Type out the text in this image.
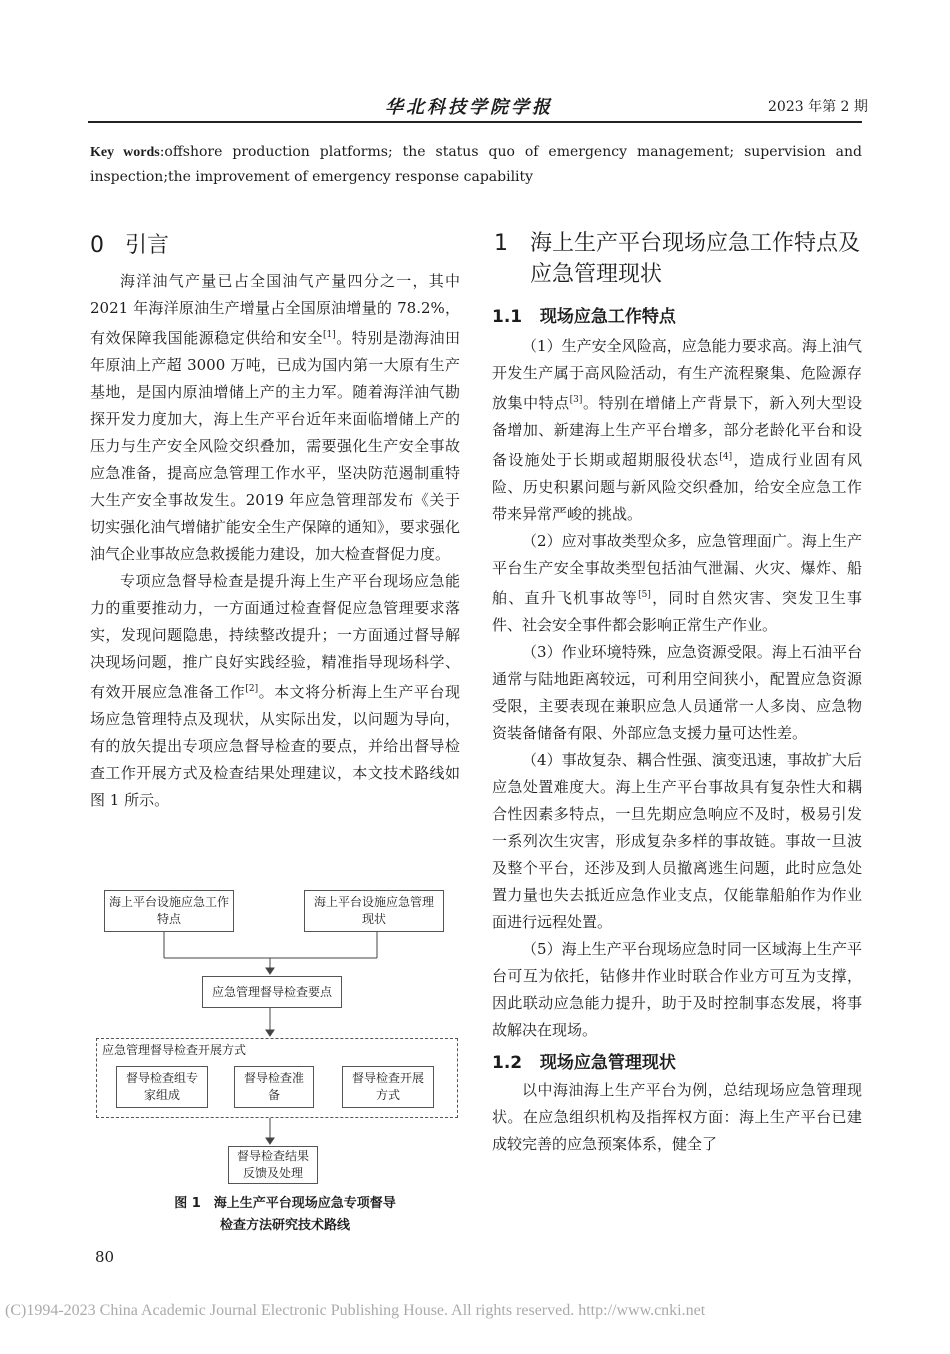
华北科技学院学报	2023 年第 2 期
Key words:offshore production platforms; the status quo of emergency management; supervision and inspection;the improvement of emergency response capability
0 引言

海洋油气产量已占全国油气产量四分之一，其中 2021 年海洋原油生产增量占全国原油增量的 78.2%，有效保障我国能源稳定供给和安全[1]。特别是渤海油田年原油上产超 3000 万吨，已成为国内第一大原有生产基地，是国内原油增储上产的主力军。随着海洋油气勘探开发力度加大，海上生产平台近年来面临增储上产的压力与生产安全风险交织叠加，需要强化生产安全事故应急准备，提高应急管理工作水平，坚决防范遏制重特大生产安全事故发生。2019 年应急管理部发布《关于切实强化油气增储扩能安全生产保障的通知》，要求强化油气企业事故应急救援能力建设，加大检查督促力度。

专项应急督导检查是提升海上生产平台现场应急能力的重要推动力，一方面通过检查督促应急管理要求落实，发现问题隐患，持续整改提升；一方面通过督导解决现场问题，推广良好实践经验，精准指导现场科学、有效开展应急准备工作[2]。本文将分析海上生产平台现场应急管理特点及现状，从实际出发，以问题为导向，有的放矢提出专项应急督导检查的要点，并给出督导检查工作开展方式及检查结果处理建议，本文技术路线如图 1 所示。

海上平台设施应急工作特点
海上平台设施应急管理现状
应急管理督导检查要点
应急管理督导检查开展方式
督导检查组专家组成
督导检查准备
督导检查开展方式
督导检查结果反馈及处理
图 1　海上生产平台现场应急专项督导
检查方法研究技术路线
1 海上生产平台现场应急工作特点及应急管理现状
1.1 现场应急工作特点

（1）生产安全风险高，应急能力要求高。海上油气开发生产属于高风险活动，有生产流程聚集、危险源存放集中特点[3]。特别在增储上产背景下，新入列大型设备增加、新建海上生产平台增多，部分老龄化平台和设备设施处于长期或超期服役状态[4]，造成行业固有风险、历史积累问题与新风险交织叠加，给安全应急工作带来异常严峻的挑战。

（2）应对事故类型众多，应急管理面广。海上生产平台生产安全事故类型包括油气泄漏、火灾、爆炸、船舶、直升飞机事故等[5]，同时自然灾害、突发卫生事件、社会安全事件都会影响正常生产作业。

（3）作业环境特殊，应急资源受限。海上石油平台通常与陆地距离较远，可利用空间狭小，配置应急资源受限，主要表现在兼职应急人员通常一人多岗、应急物资装备储备有限、外部应急支援力量可达性差。

（4）事故复杂、耦合性强、演变迅速，事故扩大后应急处置难度大。海上生产平台事故具有复杂性大和耦合性因素多特点，一旦先期应急响应不及时，极易引发一系列次生灾害，形成复杂多样的事故链。事故一旦波及整个平台，还涉及到人员撤离逃生问题，此时应急处置力量也失去抵近应急作业支点，仅能靠船舶作为作业面进行远程处置。

（5）海上生产平台现场应急时同一区域海上生产平台可互为依托，钻修井作业时联合作业方可互为支撑，因此联动应急能力提升，助于及时控制事态发展，将事故解决在现场。

1.2 现场应急管理现状

以中海油海上生产平台为例，总结现场应急管理现状。在应急组织机构及指挥权方面：海上生产平台已建成较完善的应急预案体系，健全了

80
(C)1994-2023 China Academic Journal Electronic Publishing House. All rights reserved. http://www.cnki.net
